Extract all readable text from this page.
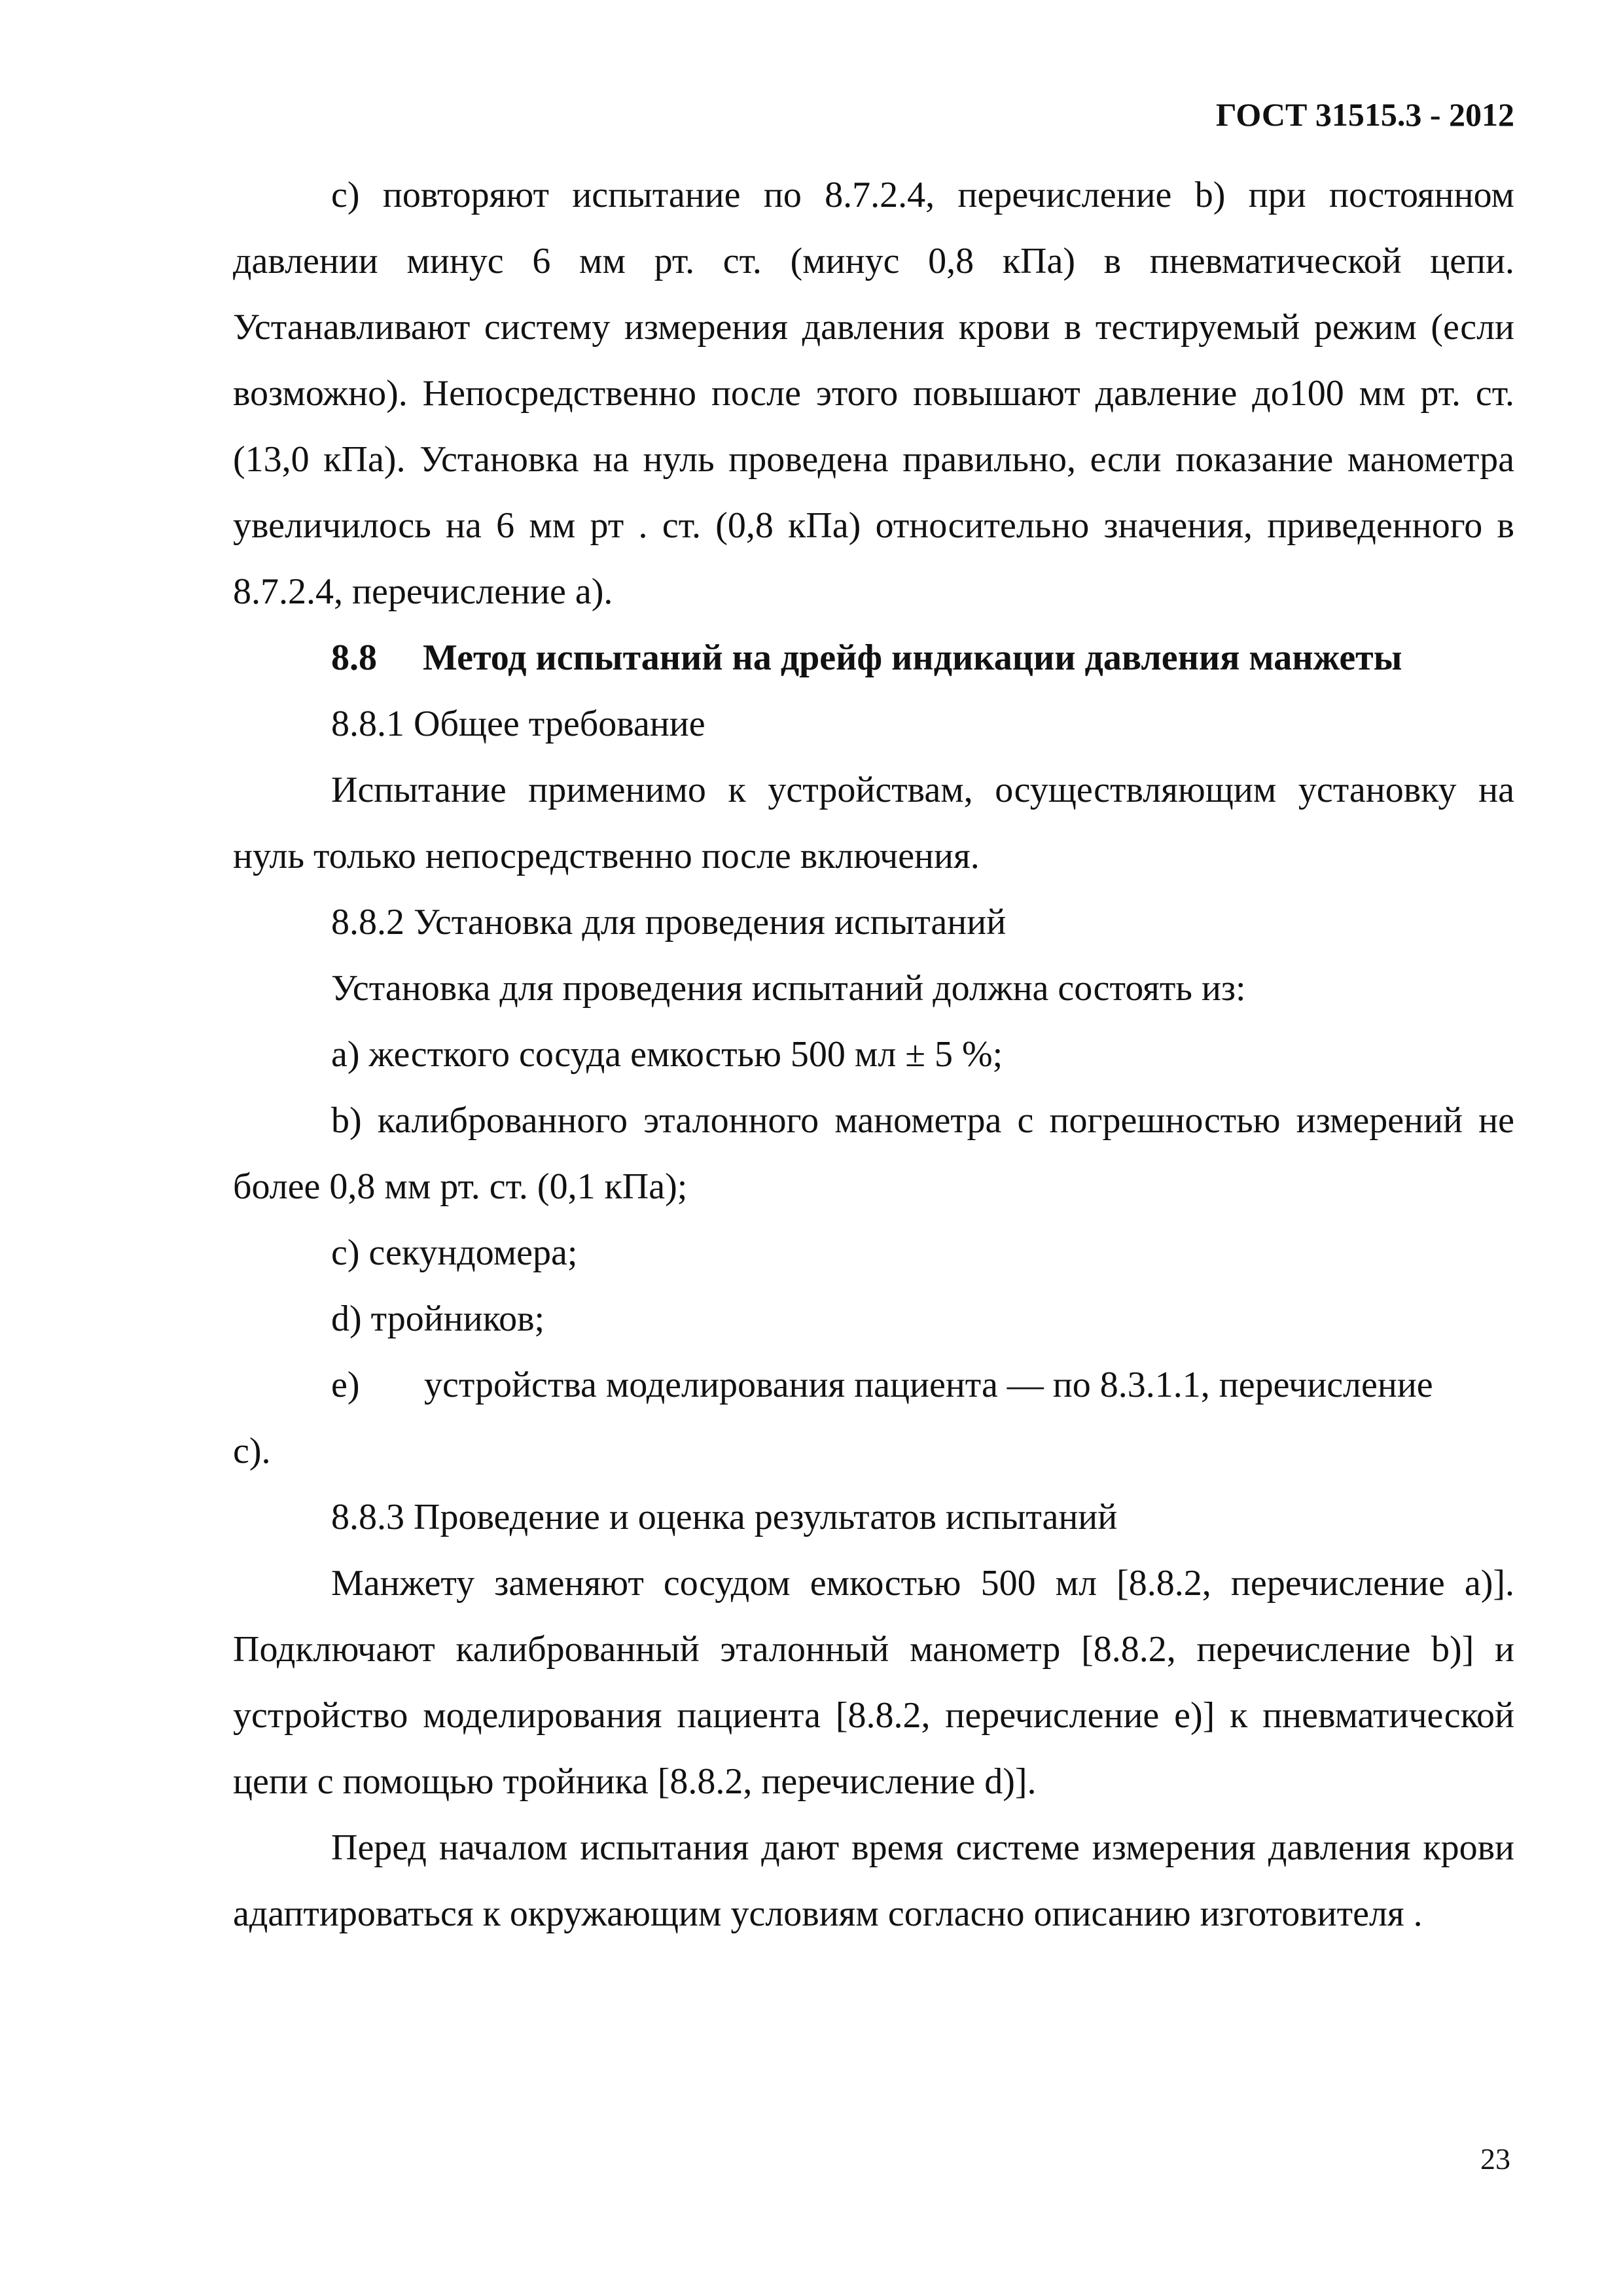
ГОСТ 31515.3 - 2012

с) повторяют испытание по 8.7.2.4, перечисление b) при постоянном давлении минус 6 мм рт. ст. (минус 0,8 кПа) в пневматической цепи. Устанавливают систему измерения давления крови в тестируемый режим (если возможно). Непосредственно после этого повышают давление до100 мм рт. ст. (13,0 кПа). Установка на нуль проведена правильно, если показание манометра увеличилось на 6 мм рт . ст. (0,8 кПа) относительно значения, приведенного в 8.7.2.4, перечисление а).

8.8 Метод испытаний на дрейф индикации давления манжеты

8.8.1 Общее требование

Испытание применимо к устройствам, осуществляющим установку на нуль только непосредственно после включения.

8.8.2 Установка для проведения испытаний

Установка для проведения испытаний должна состоять из:

а) жесткого сосуда емкостью 500 мл ± 5 %;

b) калиброванного эталонного манометра с погрешностью измерений не более 0,8 мм рт. ст. (0,1 кПа);

с) секундомера;

d) тройников;

е) устройства моделирования пациента — по 8.3.1.1, перечисление

с).

8.8.3 Проведение и оценка результатов испытаний

Манжету заменяют сосудом емкостью 500 мл [8.8.2, перечисление а)]. Подключают калиброванный эталонный манометр [8.8.2, перечисление b)] и устройство моделирования пациента [8.8.2, перечисление е)] к пневматической цепи с помощью тройника [8.8.2, перечисление d)].

Перед началом испытания дают время системе измерения давления крови адаптироваться к окружающим условиям согласно описанию изготовителя .

23
